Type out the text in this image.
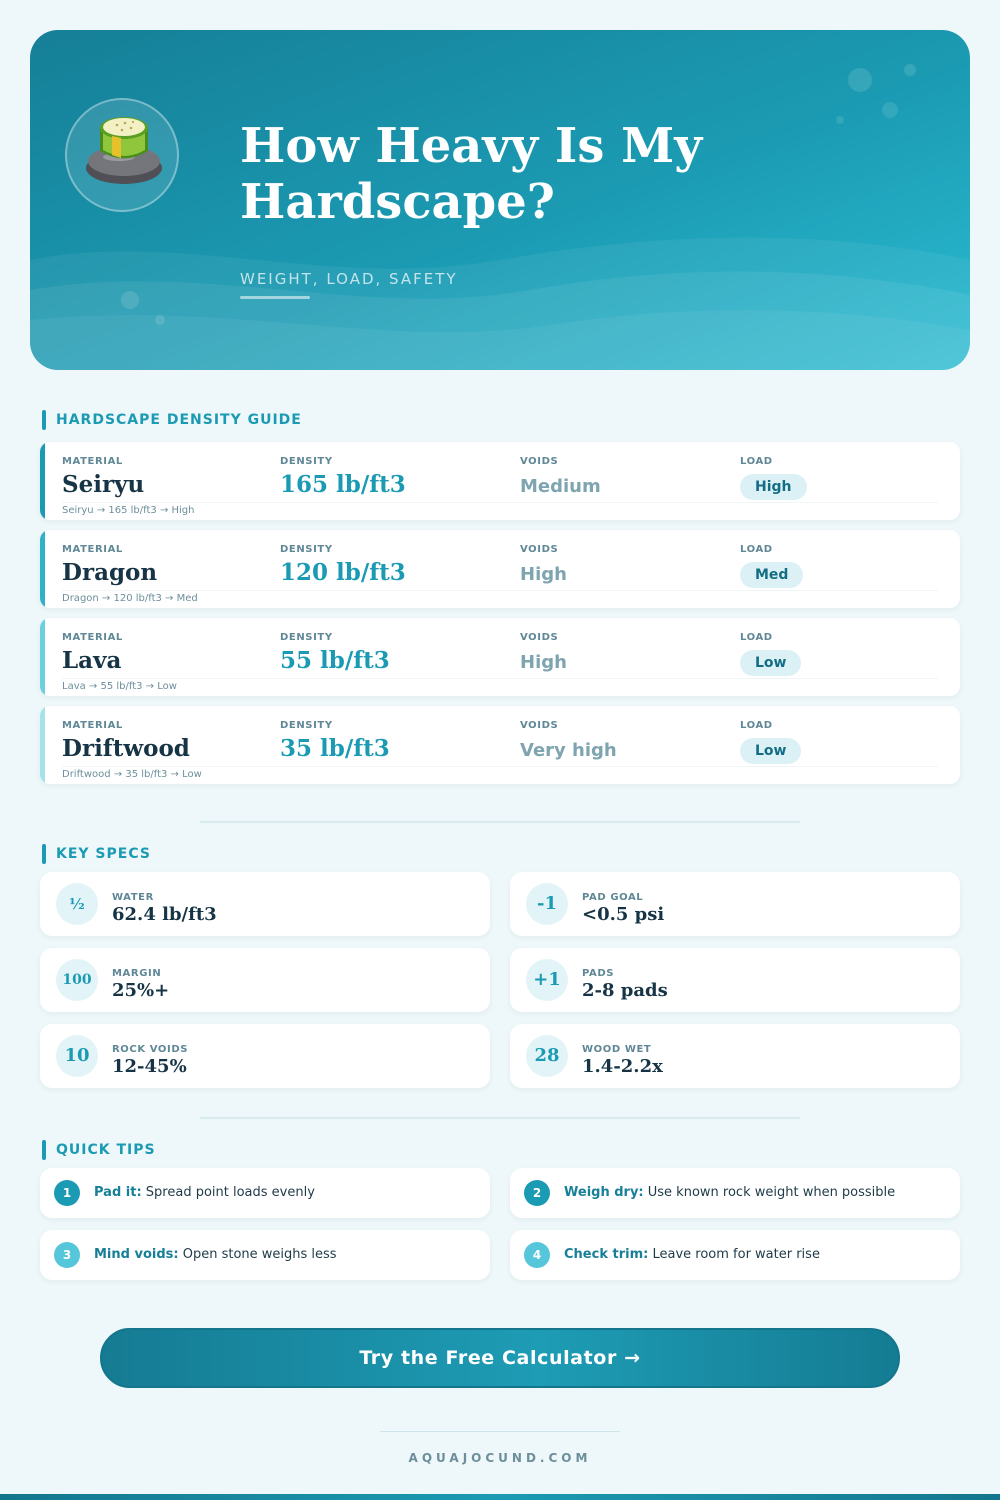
How Heavy Is My Hardscape?
WEIGHT, LOAD, SAFETY
HARDSCAPE DENSITY GUIDE
MATERIAL
Seiryu
DENSITY
165 lb/ft3
VOIDS
Medium
LOAD
High
Seiryu → 165 lb/ft3 → High
MATERIAL
Dragon
DENSITY
120 lb/ft3
VOIDS
High
LOAD
Med
Dragon → 120 lb/ft3 → Med
MATERIAL
Lava
DENSITY
55 lb/ft3
VOIDS
High
LOAD
Low
Lava → 55 lb/ft3 → Low
MATERIAL
Driftwood
DENSITY
35 lb/ft3
VOIDS
Very high
LOAD
Low
Driftwood → 35 lb/ft3 → Low
KEY SPECS
½	WATER
62.4 lb/ft3
-1	PAD GOAL
<0.5 psi
100	MARGIN
25%+
+1	PADS
2-8 pads
10	ROCK VOIDS
12-45%
28	WOOD WET
1.4-2.2x
QUICK TIPS
1	Pad it: Spread point loads evenly	2	Weigh dry: Use known rock weight when possible
3	Mind voids: Open stone weighs less	4	Check trim: Leave room for water rise
Try the Free Calculator →
AQUAJOCUND.COM
